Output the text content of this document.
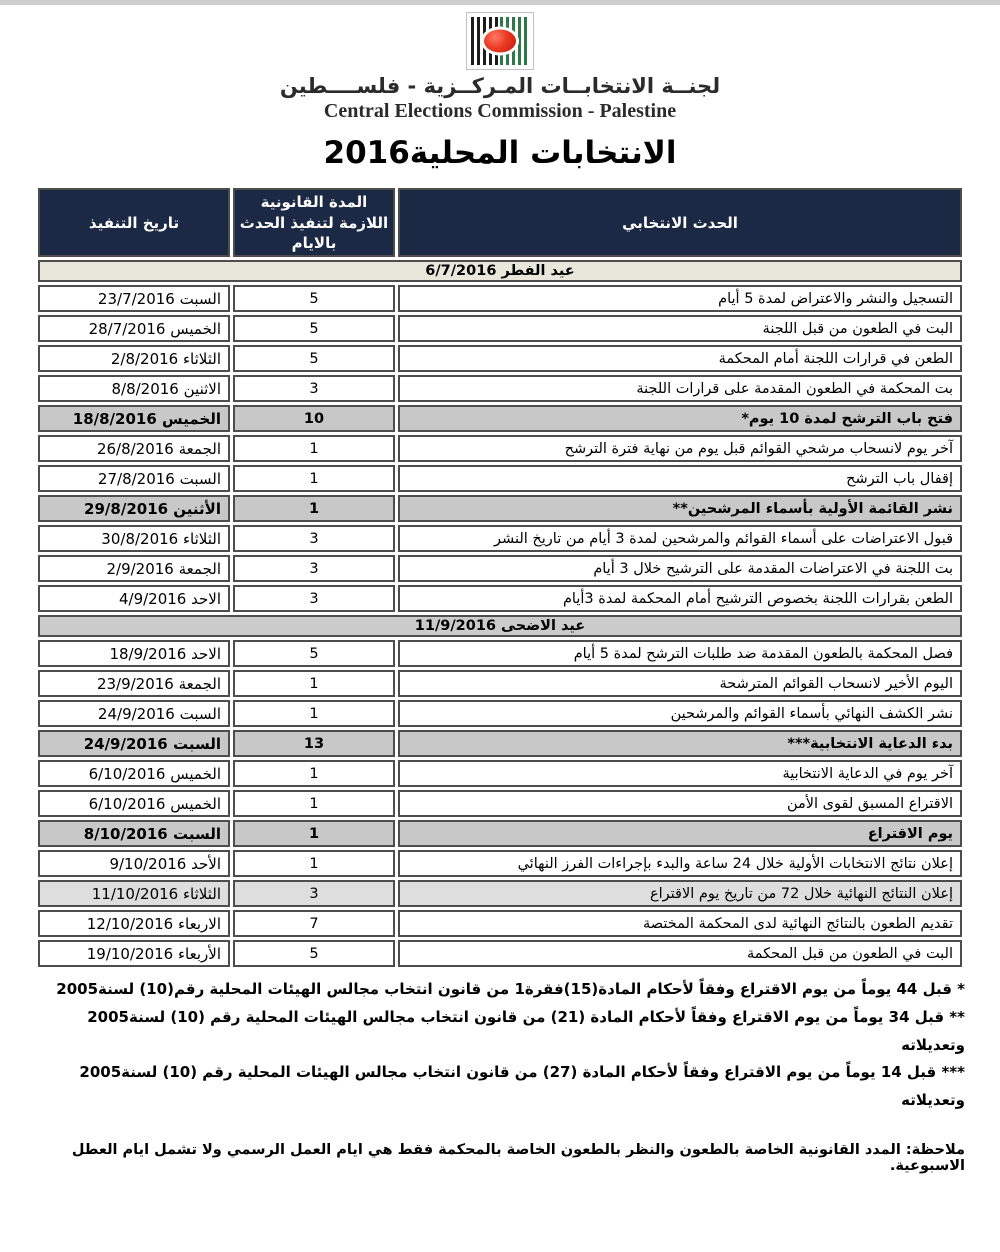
لجنــة الانتخابــات المـركــزية - فلســــطين
Central Elections Commission - Palestine
الانتخابات المحلية2016
الحدث الانتخابي	المدة القانونية اللازمة لتنفيذ الحدث بالايام	تاريخ التنفيذ
عيد الفطر 6/7/2016		
التسجيل والنشر والاعتراض لمدة 5 أيام	5	السبت 23/7/2016
البت في الطعون من قبل اللجنة	5	الخميس 28/7/2016
الطعن في قرارات اللجنة أمام المحكمة	5	الثلاثاء 2/8/2016
بت المحكمة في الطعون المقدمة على قرارات اللجنة	3	الاثنين 8/8/2016
فتح باب الترشح لمدة 10 يوم*	10	الخميس 18/8/2016
آخر يوم لانسحاب مرشحي القوائم قبل يوم من نهاية فترة الترشح	1	الجمعة 26/8/2016
إقفال باب الترشح	1	السبت 27/8/2016
نشر القائمة الأولية بأسماء المرشحين**	1	الأثنين 29/8/2016
قبول الاعتراضات على أسماء القوائم والمرشحين لمدة 3 أيام من تاريخ النشر	3	الثلاثاء 30/8/2016
بت اللجنة في الاعتراضات المقدمة على الترشيح خلال 3 أيام	3	الجمعة 2/9/2016
الطعن بقرارات اللجنة بخصوص الترشيح أمام المحكمة لمدة 3أيام	3	الاحد 4/9/2016
عيد الاضحى 11/9/2016		
فصل المحكمة بالطعون المقدمة ضد طلبات الترشح لمدة 5 أيام	5	الاحد 18/9/2016
اليوم الأخير لانسحاب القوائم المترشحة	1	الجمعة 23/9/2016
نشر الكشف النهائي بأسماء القوائم والمرشحين	1	السبت 24/9/2016
بدء الدعاية الانتخابية***	13	السبت 24/9/2016
آخر يوم في الدعاية الانتخابية	1	الخميس 6/10/2016
الاقتراع المسبق لقوى الأمن	1	الخميس 6/10/2016
يوم الاقتراع	1	السبت 8/10/2016
إعلان نتائج الانتخابات الأولية خلال 24 ساعة والبدء بإجراءات الفرز النهائي	1	الأحد 9/10/2016
إعلان النتائج النهائية خلال 72 من تاريخ يوم الاقتراع	3	الثلاثاء 11/10/2016
تقديم الطعون بالنتائج النهائية لدى المحكمة المختصة	7	الاربعاء 12/10/2016
البت في الطعون من قبل المحكمة	5	الأربعاء 19/10/2016
* قبل 44 يوماً من يوم الاقتراع وفقاً لأحكام المادة(15)فقرة1 من قانون انتخاب مجالس الهيئات المحلية رقم(10) لسنة2005
** قبل 34 يوماً من يوم الاقتراع وفقاً لأحكام المادة (21) من قانون انتخاب مجالس الهيئات المحلية رقم (10) لسنة2005 وتعديلاته
*** قبل 14 يوماً من يوم الاقتراع وفقاً لأحكام المادة (27) من قانون انتخاب مجالس الهيئات المحلية رقم (10) لسنة2005 وتعديلاته
ملاحظة: المدد القانونية الخاصة بالطعون والنظر بالطعون الخاصة بالمحكمة فقط هي ايام العمل الرسمي ولا تشمل ايام العطل الاسبوعية.
